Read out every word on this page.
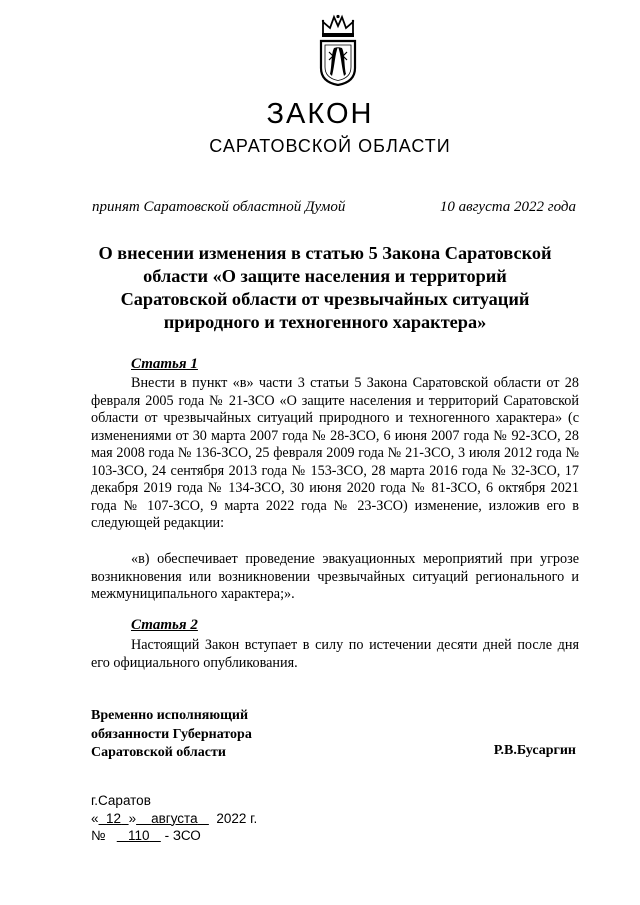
ЗАКОН
САРАТОВСКОЙ ОБЛАСТИ
принят Саратовской областной Думой	10 августа 2022 года
О внесении изменения в статью 5 Закона Саратовской области «О защите населения и территорий Саратовской области от чрезвычайных ситуаций природного и техногенного характера»
Статья 1
Внести в пункт «в» части 3 статьи 5 Закона Саратовской области от 28 февраля 2005 года № 21-ЗСО «О защите населения и территорий Саратовской области от чрезвычайных ситуаций природного и техногенного характера» (с изменениями от 30 марта 2007 года № 28-ЗСО, 6 июня 2007 года № 92-ЗСО, 28 мая 2008 года № 136-ЗСО, 25 февраля 2009 года № 21-ЗСО, 3 июля 2012 года № 103-ЗСО, 24 сентября 2013 года № 153-ЗСО, 28 марта 2016 года № 32-ЗСО, 17 декабря 2019 года № 134-ЗСО, 30 июня 2020 года № 81-ЗСО, 6 октября 2021 года № 107-ЗСО, 9 марта 2022 года № 23-ЗСО) изменение, изложив его в следующей редакции:
«в) обеспечивает проведение эвакуационных мероприятий при угрозе возникновения или возникновении чрезвычайных ситуаций регионального и межмуниципального характера;».
Статья 2
Настоящий Закон вступает в силу по истечении десяти дней после дня его официального опубликования.
Временно исполняющий
обязанности Губернатора
Саратовской области	Р.В.Бусаргин
г.Саратов
« 12 » августа 2022 г.
№ 110 - ЗСО
